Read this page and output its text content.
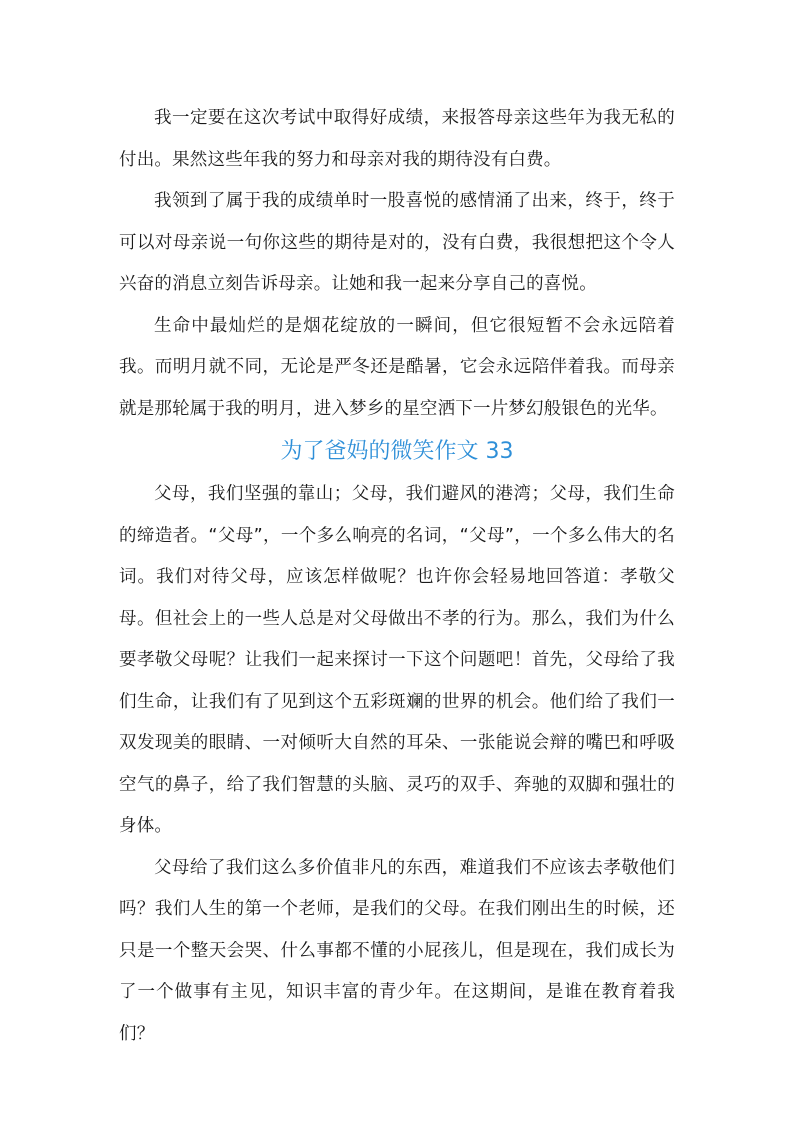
我一定要在这次考试中取得好成绩，来报答母亲这些年为我无私的付出。果然这些年我的努力和母亲对我的期待没有白费。

我领到了属于我的成绩单时一股喜悦的感情涌了出来，终于，终于可以对母亲说一句你这些的期待是对的，没有白费，我很想把这个令人兴奋的消息立刻告诉母亲。让她和我一起来分享自己的喜悦。

生命中最灿烂的是烟花绽放的一瞬间，但它很短暂不会永远陪着我。而明月就不同，无论是严冬还是酷暑，它会永远陪伴着我。而母亲就是那轮属于我的明月，进入梦乡的星空洒下一片梦幻般银色的光华。

为了爸妈的微笑作文 33

父母，我们坚强的靠山；父母，我们避风的港湾；父母，我们生命的缔造者。“父母”，一个多么响亮的名词，“父母”，一个多么伟大的名词。我们对待父母，应该怎样做呢？也许你会轻易地回答道：孝敬父母。但社会上的一些人总是对父母做出不孝的行为。那么，我们为什么要孝敬父母呢？让我们一起来探讨一下这个问题吧！首先，父母给了我们生命，让我们有了见到这个五彩斑斓的世界的机会。他们给了我们一双发现美的眼睛、一对倾听大自然的耳朵、一张能说会辩的嘴巴和呼吸空气的鼻子，给了我们智慧的头脑、灵巧的双手、奔驰的双脚和强壮的身体。

父母给了我们这么多价值非凡的东西，难道我们不应该去孝敬他们吗？我们人生的第一个老师，是我们的父母。在我们刚出生的时候，还只是一个整天会哭、什么事都不懂的小屁孩儿，但是现在，我们成长为了一个做事有主见，知识丰富的青少年。在这期间，是谁在教育着我们？
